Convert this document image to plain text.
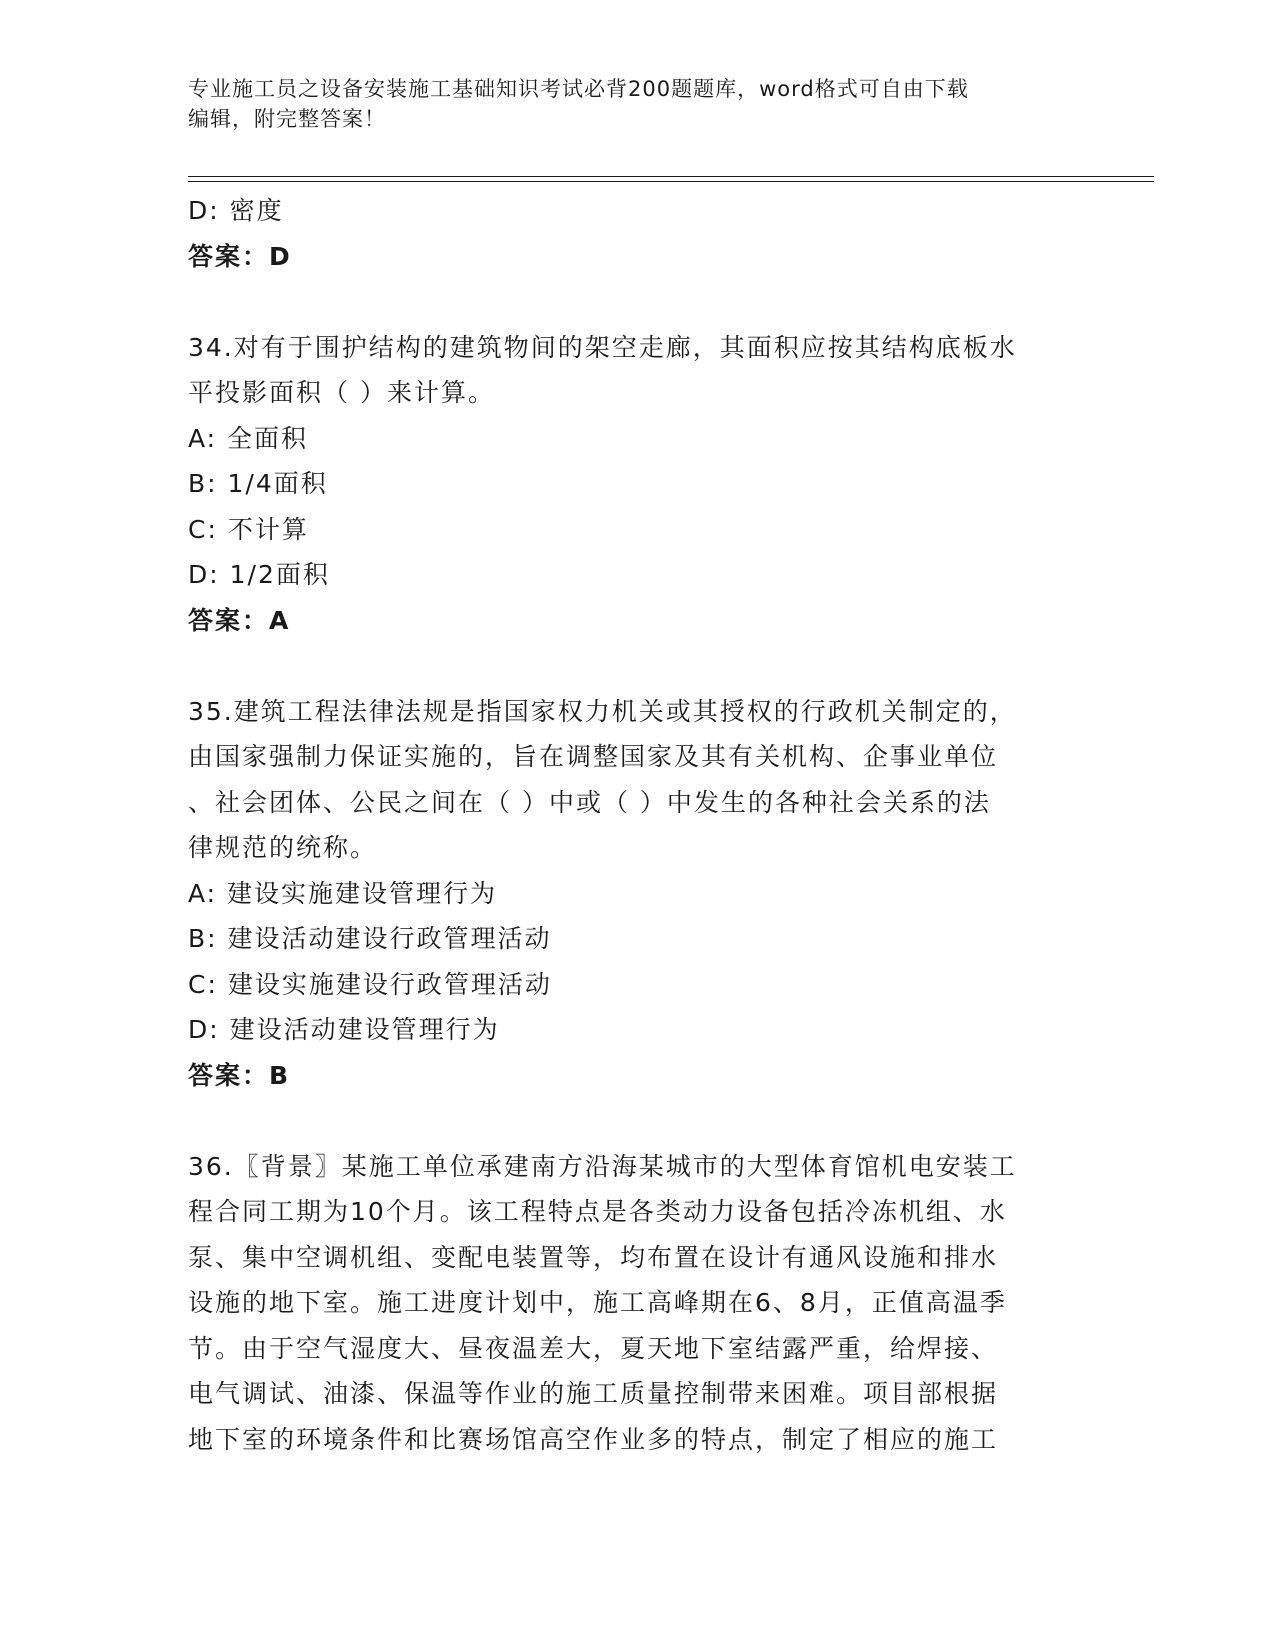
专业施工员之设备安装施工基础知识考试必背200题题库，word格式可自由下载
编辑，附完整答案！
D: 密度
答案：D
34.对有于围护结构的建筑物间的架空走廊，其面积应按其结构底板水
平投影面积（ ）来计算。
A: 全面积
B: 1/4面积
C: 不计算
D: 1/2面积
答案：A
35.建筑工程法律法规是指国家权力机关或其授权的行政机关制定的，
由国家强制力保证实施的，旨在调整国家及其有关机构、企事业单位
、社会团体、公民之间在（ ）中或（ ）中发生的各种社会关系的法
律规范的统称。
A: 建设实施建设管理行为
B: 建设活动建设行政管理活动
C: 建设实施建设行政管理活动
D: 建设活动建设管理行为
答案：B
36.〖背景〗某施工单位承建南方沿海某城市的大型体育馆机电安装工
程合同工期为10个月。该工程特点是各类动力设备包括冷冻机组、水
泵、集中空调机组、变配电装置等，均布置在设计有通风设施和排水
设施的地下室。施工进度计划中，施工高峰期在6、8月，正值高温季
节。由于空气湿度大、昼夜温差大，夏天地下室结露严重，给焊接、
电气调试、油漆、保温等作业的施工质量控制带来困难。项目部根据
地下室的环境条件和比赛场馆高空作业多的特点，制定了相应的施工
